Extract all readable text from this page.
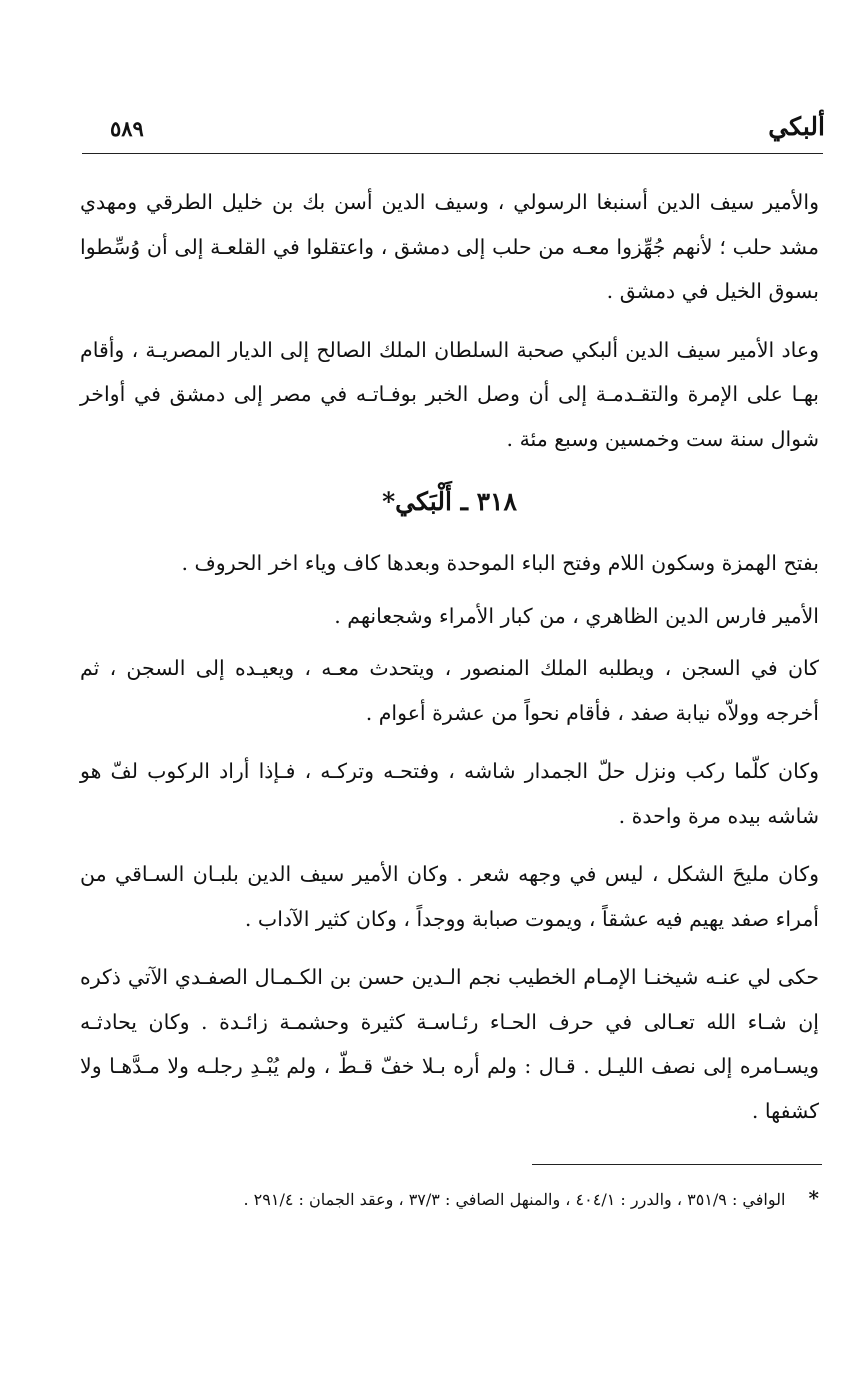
ألبكي
٥٨٩

والأمير سيف الدين أسنبغا الرسولي ، وسيف الدين أسن بك بن خليل الطرقي ومهدي مشد حلب ؛ لأنهم جُهِّزوا معـه من حلب إلى دمشق ، واعتقلوا في القلعـة إلى أن وُسِّطوا بسوق الخيل في دمشق .

وعاد الأمير سيف الدين ألبكي صحبة السلطان الملك الصالح إلى الديار المصريـة ، وأقام بهـا على الإمرة والتقـدمـة إلى أن وصل الخبر بوفـاتـه في مصر إلى دمشق في أواخر شوال سنة ست وخمسين وسبع مئة .

٣١٨ ـ أَلْبَكي*

بفتح الهمزة وسكون اللام وفتح الباء الموحدة وبعدها كاف وياء اخر الحروف .

الأمير فارس الدين الظاهري ، من كبار الأمراء وشجعانهم .

كان في السجن ، ويطلبه الملك المنصور ، ويتحدث معـه ، ويعيـده إلى السجن ، ثم أخرجه وولاّه نيابة صفد ، فأقام نحواً من عشرة أعوام .

وكان كلّما ركب ونزل حلّ الجمدار شاشه ، وفتحـه وتركـه ، فـإذا أراد الركوب لفّ هو شاشه بيده مرة واحدة .

وكان مليحَ الشكل ، ليس في وجهه شعر . وكان الأمير سيف الدين بلبـان السـاقي من أمراء صفد يهيم فيه عشقاً ، ويموت صبابة ووجداً ، وكان كثير الآداب .

حكى لي عنـه شيخنـا الإمـام الخطيب نجم الـدين حسن بن الكـمـال الصفـدي الآتي ذكره إن شـاء الله تعـالى في حرف الحـاء رئـاسـة كثيرة وحشمـة زائـدة . وكان يحادثـه ويسـامره إلى نصف الليـل . قـال : ولم أره بـلا خفّ قـطّ ، ولم يُبْـدِ رجلـه ولا مـدَّهـا ولا كشفها .

* الوافي : ٣٥١/٩ ، والدرر : ٤٠٤/١ ، والمنهل الصافي : ٣٧/٣ ، وعقد الجمان : ٢٩١/٤ .
